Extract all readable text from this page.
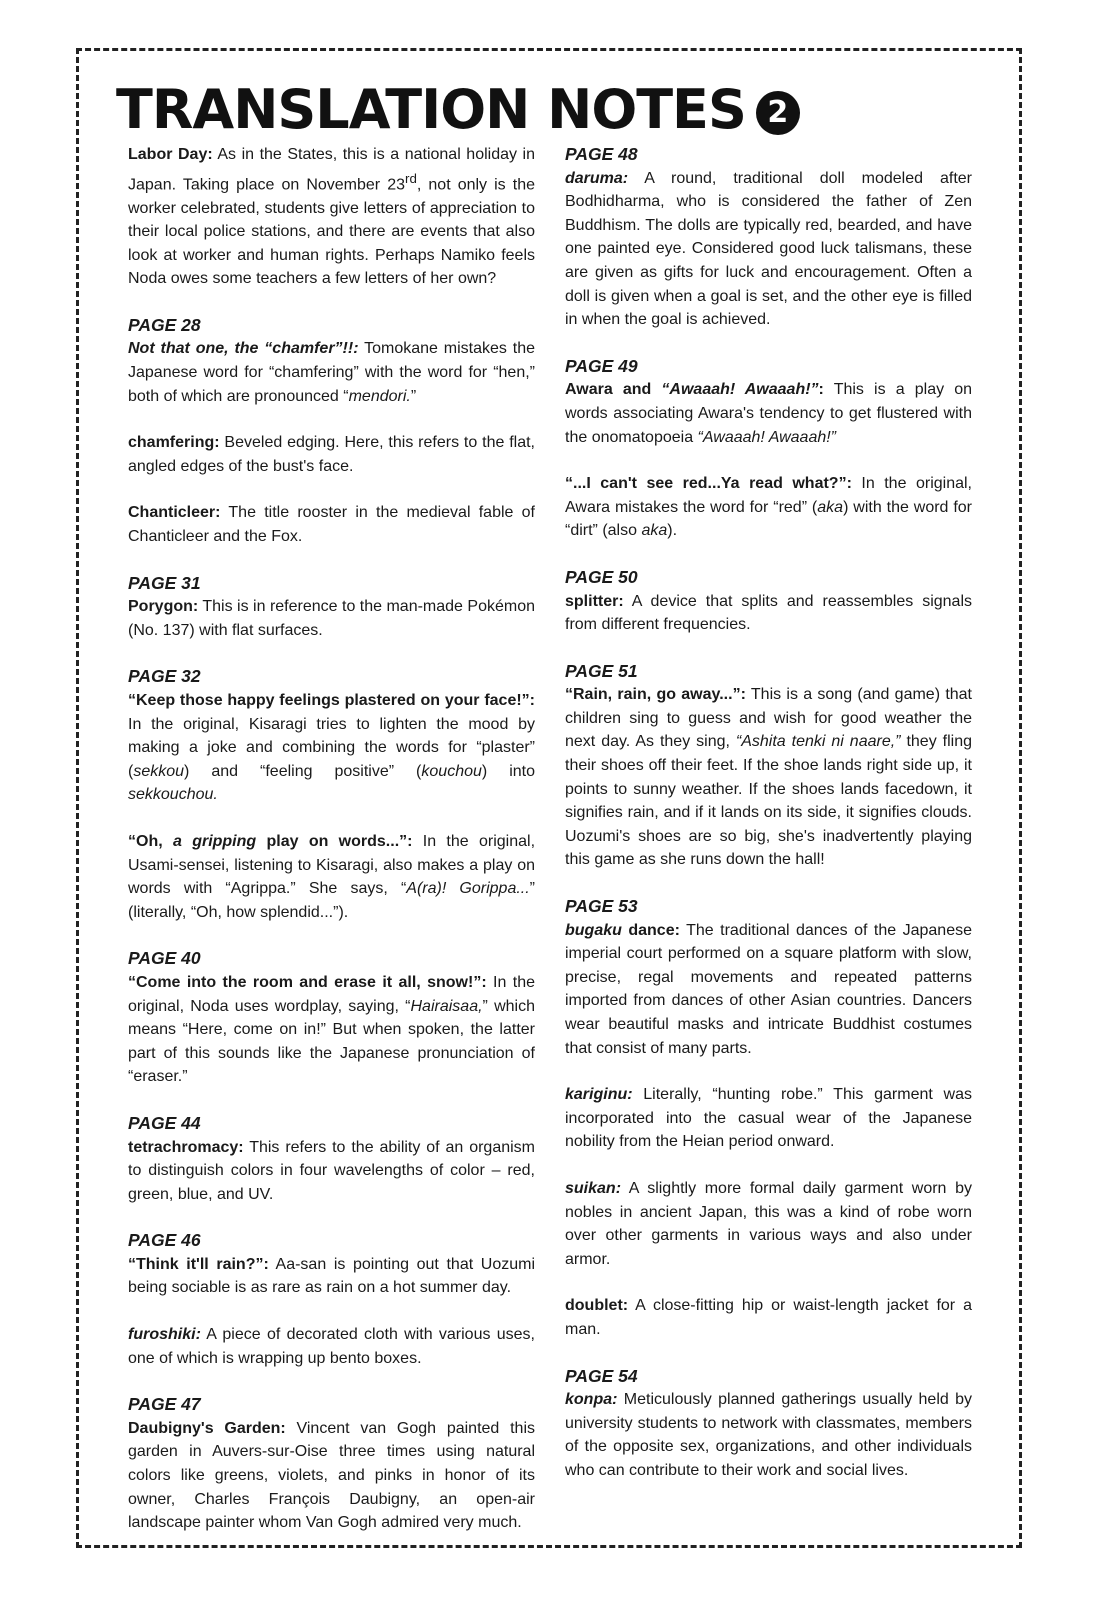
TRANSLATION NOTES 2
Labor Day: As in the States, this is a national holiday in Japan. Taking place on November 23rd, not only is the worker celebrated, students give letters of appreciation to their local police stations, and there are events that also look at worker and human rights. Perhaps Namiko feels Noda owes some teachers a few letters of her own?
PAGE 28
Not that one, the “chamfer”!!: Tomokane mistakes the Japanese word for “chamfering” with the word for “hen,” both of which are pronounced “mendori.”
chamfering: Beveled edging. Here, this refers to the flat, angled edges of the bust's face.
Chanticleer: The title rooster in the medieval fable of Chanticleer and the Fox.
PAGE 31
Porygon: This is in reference to the man-made Pokémon (No. 137) with flat surfaces.
PAGE 32
“Keep those happy feelings plastered on your face!”: In the original, Kisaragi tries to lighten the mood by making a joke and combining the words for “plaster” (sekkou) and “feeling positive” (kouchou) into sekkouchou.
“Oh, a gripping play on words...”: In the original, Usami-sensei, listening to Kisaragi, also makes a play on words with “Agrippa.” She says, “A(ra)! Gorippa...” (literally, “Oh, how splendid...”).
PAGE 40
“Come into the room and erase it all, snow!”: In the original, Noda uses wordplay, saying, “Hairaisaa,” which means “Here, come on in!” But when spoken, the latter part of this sounds like the Japanese pronunciation of “eraser.”
PAGE 44
tetrachromacy: This refers to the ability of an organism to distinguish colors in four wavelengths of color – red, green, blue, and UV.
PAGE 46
“Think it'll rain?”: Aa-san is pointing out that Uozumi being sociable is as rare as rain on a hot summer day.
furoshiki: A piece of decorated cloth with various uses, one of which is wrapping up bento boxes.
PAGE 47
Daubigny's Garden: Vincent van Gogh painted this garden in Auvers-sur-Oise three times using natural colors like greens, violets, and pinks in honor of its owner, Charles François Daubigny, an open-air landscape painter whom Van Gogh admired very much.
PAGE 48
daruma: A round, traditional doll modeled after Bodhidharma, who is considered the father of Zen Buddhism. The dolls are typically red, bearded, and have one painted eye. Considered good luck talismans, these are given as gifts for luck and encouragement. Often a doll is given when a goal is set, and the other eye is filled in when the goal is achieved.
PAGE 49
Awara and “Awaaah! Awaaah!”: This is a play on words associating Awara's tendency to get flustered with the onomatopoeia “Awaaah! Awaaah!”
“...I can't see red...Ya read what?”: In the original, Awara mistakes the word for “red” (aka) with the word for “dirt” (also aka).
PAGE 50
splitter: A device that splits and reassembles signals from different frequencies.
PAGE 51
“Rain, rain, go away...”: This is a song (and game) that children sing to guess and wish for good weather the next day. As they sing, “Ashita tenki ni naare,” they fling their shoes off their feet. If the shoe lands right side up, it points to sunny weather. If the shoes lands facedown, it signifies rain, and if it lands on its side, it signifies clouds. Uozumi's shoes are so big, she's inadvertently playing this game as she runs down the hall!
PAGE 53
bugaku dance: The traditional dances of the Japanese imperial court performed on a square platform with slow, precise, regal movements and repeated patterns imported from dances of other Asian countries. Dancers wear beautiful masks and intricate Buddhist costumes that consist of many parts.
kariginu: Literally, “hunting robe.” This garment was incorporated into the casual wear of the Japanese nobility from the Heian period onward.
suikan: A slightly more formal daily garment worn by nobles in ancient Japan, this was a kind of robe worn over other garments in various ways and also under armor.
doublet: A close-fitting hip or waist-length jacket for a man.
PAGE 54
konpa: Meticulously planned gatherings usually held by university students to network with classmates, members of the opposite sex, organizations, and other individuals who can contribute to their work and social lives.
